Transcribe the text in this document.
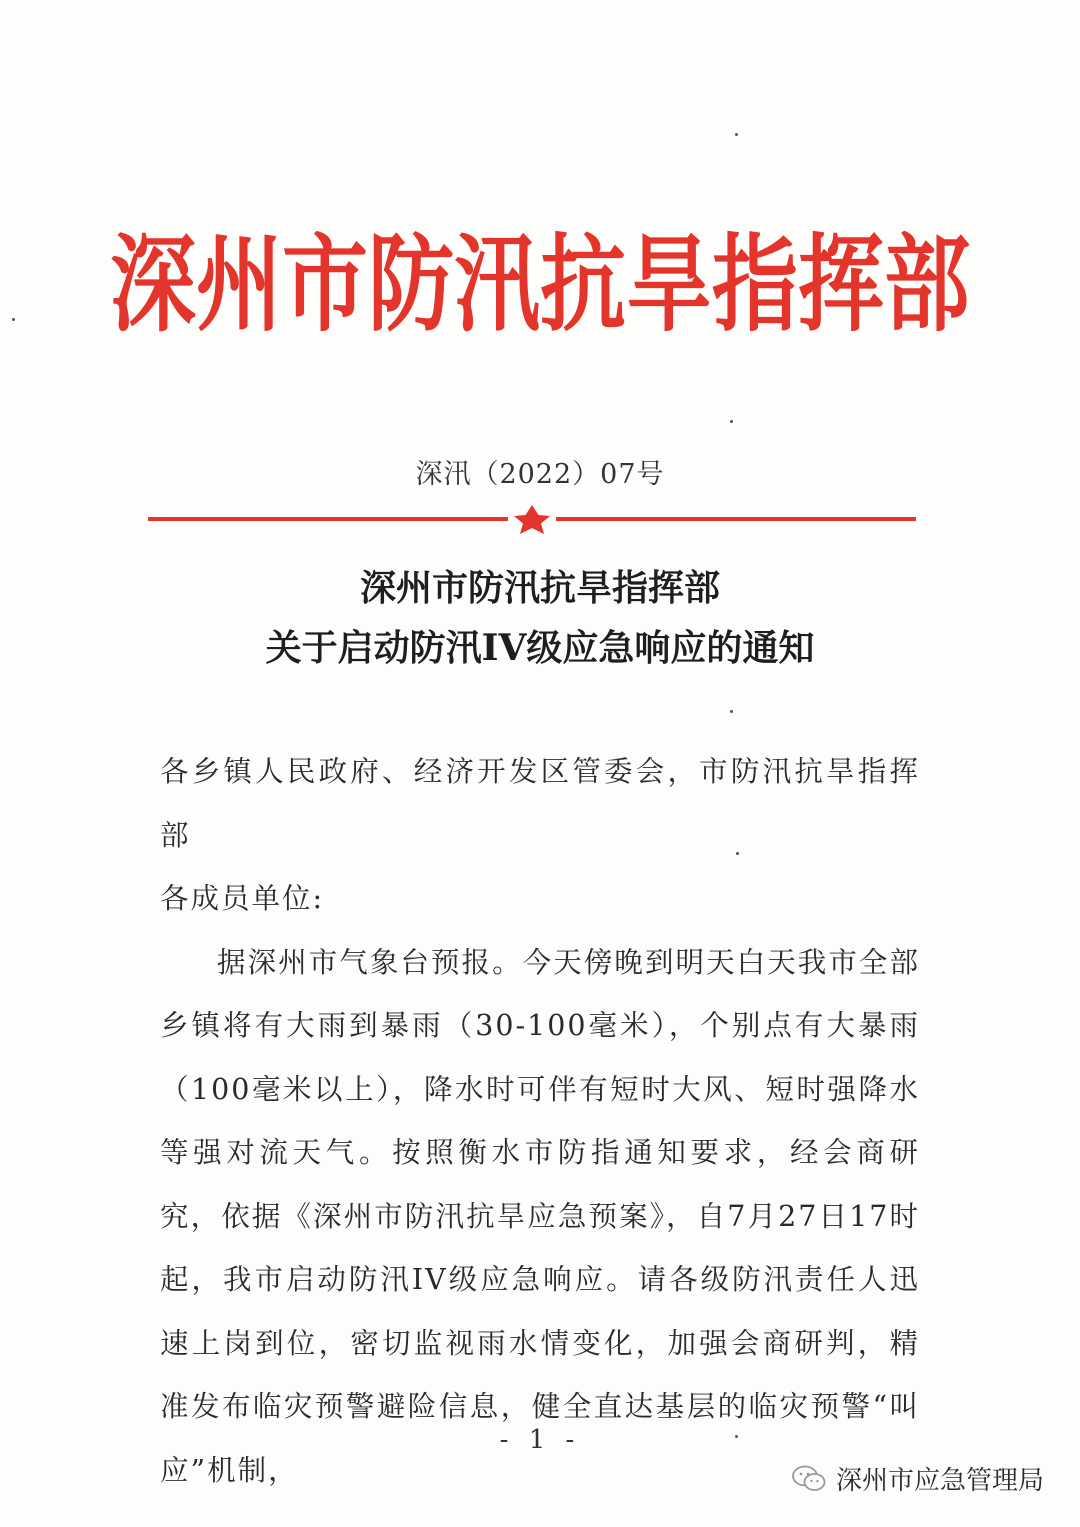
深州市防汛抗旱指挥部
深汛（2022）07号
深州市防汛抗旱指挥部
关于启动防汛IV级应急响应的通知

各乡镇人民政府、经济开发区管委会，市防汛抗旱指挥部

各成员单位:

据深州市气象台预报。今天傍晚到明天白天我市全部乡镇将有大雨到暴雨（30-100毫米），个别点有大暴雨（100毫米以上），降水时可伴有短时大风、短时强降水等强对流天气。按照衡水市防指通知要求，经会商研究，依据《深州市防汛抗旱应急预案》，自7月27日17时起，我市启动防汛IV级应急响应。请各级防汛责任人迅速上岗到位，密切监视雨水情变化，加强会商研判，精准发布临灾预警避险信息，健全直达基层的临灾预警“叫应”机制，

- 1 -
深州市应急管理局
